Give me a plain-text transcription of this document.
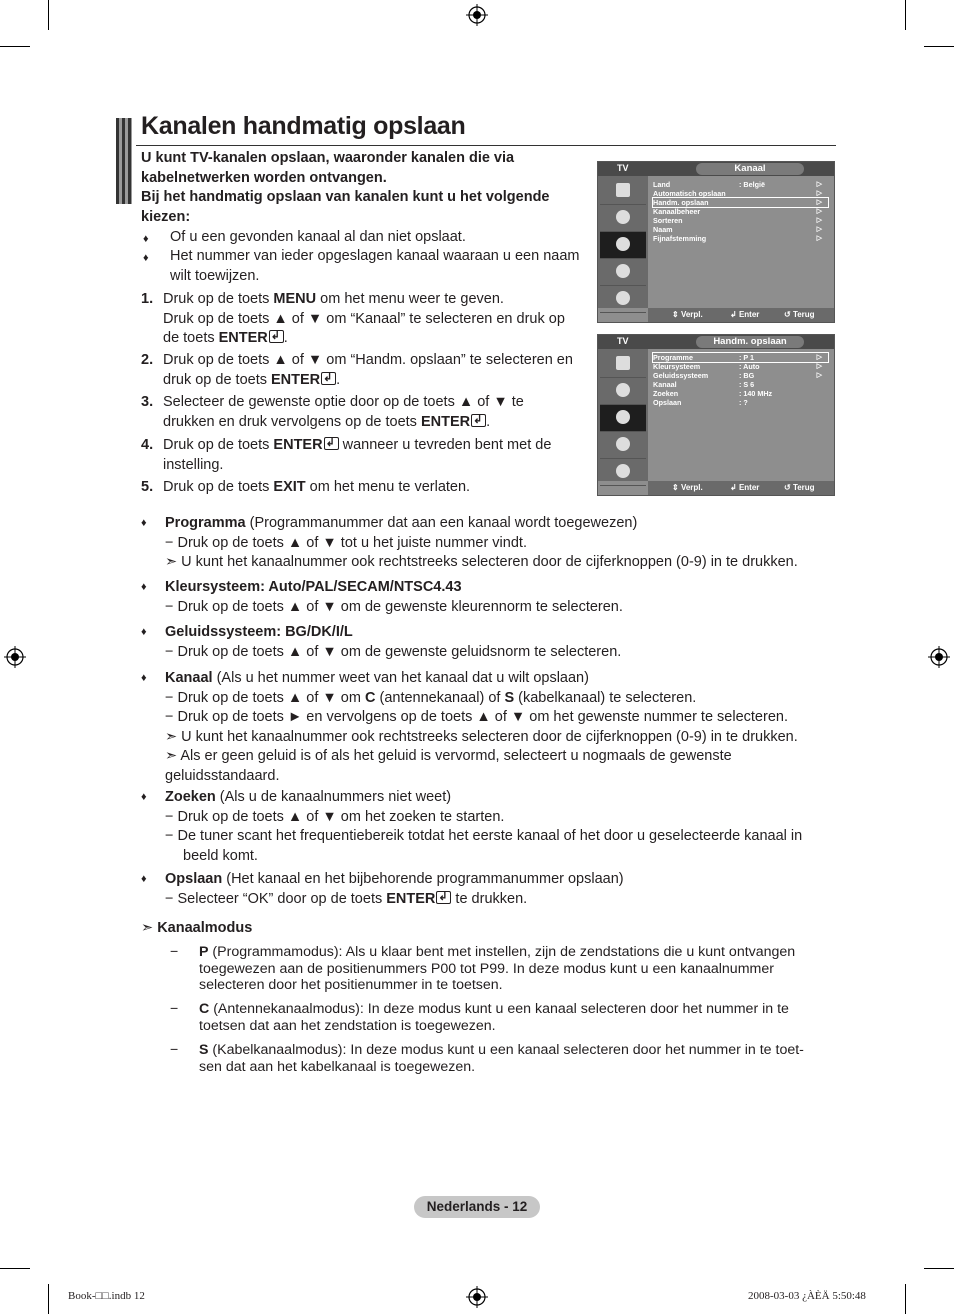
Kanalen handmatig opslaan
U kunt TV-kanalen opslaan, waaronder kanalen die via
kabelnetwerken worden ontvangen.
Bij het handmatig opslaan van kanalen kunt u het volgende
kiezen:
♦ Of u een gevonden kanaal al dan niet opslaat.
♦ Het nummer van ieder opgeslagen kanaal waaraan u een naam
wilt toewijzen.
1. Druk op de toets MENU om het menu weer te geven.
Druk op de toets ▲ of ▼ om “Kanaal” te selecteren en druk op
de toets ENTER ↲ .
2. Druk op de toets ▲ of ▼ om “Handm. opslaan” te selecteren en
druk op de toets ENTER ↲ .
3. Selecteer de gewenste optie door op de toets ▲ of ▼ te
drukken en druk vervolgens op de toets ENTER ↲ .
4. Druk op de toets ENTER↲ wanneer u tevreden bent met de
instelling.
5. Druk op de toets EXIT om het menu te verlaten.
TV	Kanaal
Land	: België	▷
Automatisch opslaan	▷
Handm. opslaan	▷
Kanaalbeheer	▷
Sorteren	▷
Naam	▷
Fijnafstemming	▷
⇕ Verpl.	↲ Enter	↺ Terug
TV	Handm. opslaan
Programme	: P 1	▷
Kleursysteem	: Auto	▷
Geluidssysteem	: BG	▷
Kanaal	: S 6
Zoeken	: 140 MHz
Opslaan	: ?
⇕ Verpl.	↲ Enter	↺ Terug
♦ Programma (Programmanummer dat aan een kanaal wordt toegewezen)
− Druk op de toets ▲ of ▼ tot u het juiste nummer vindt.
➣ U kunt het kanaalnummer ook rechtstreeks selecteren door de cijferknoppen (0-9) in te drukken.
♦ Kleursysteem: Auto/PAL/SECAM/NTSC4.43
− Druk op de toets ▲ of ▼ om de gewenste kleurennorm te selecteren.
♦ Geluidssysteem: BG/DK/I/L
− Druk op de toets ▲ of ▼ om de gewenste geluidsnorm te selecteren.
♦ Kanaal (Als u het nummer weet van het kanaal dat u wilt opslaan)
− Druk op de toets ▲ of ▼ om C (antennekanaal) of S (kabelkanaal) te selecteren.
− Druk op de toets ► en vervolgens op de toets ▲ of ▼ om het gewenste nummer te selecteren.
➣ U kunt het kanaalnummer ook rechtstreeks selecteren door de cijferknoppen (0-9) in te drukken.
➣ Als er geen geluid is of als het geluid is vervormd, selecteert u nogmaals de gewenste
geluidsstandaard.
♦ Zoeken (Als u de kanaalnummers niet weet)
− Druk op de toets ▲ of ▼ om het zoeken te starten.
− De tuner scant het frequentiebereik totdat het eerste kanaal of het door u geselecteerde kanaal in
beeld komt.
♦ Opslaan (Het kanaal en het bijbehorende programmanummer opslaan)
− Selecteer “OK” door op de toets ENTER↲ te drukken.
➣ Kanaalmodus
− P (Programmamodus): Als u klaar bent met instellen, zijn de zendstations die u kunt ontvangen
toegewezen aan de positienummers P00 tot P99. In deze modus kunt u een kanaalnummer
selecteren door het positienummer in te toetsen.
− C (Antennekanaalmodus): In deze modus kunt u een kanaal selecteren door het nummer in te
toetsen dat aan het zendstation is toegewezen.
− S (Kabelkanaalmodus): In deze modus kunt u een kanaal selecteren door het nummer in te toet-
sen dat aan het kabelkanaal is toegewezen.
Nederlands - 12
Book-□□.indb 12	2008-03-03 ¿ÀÈÄ 5:50:48
